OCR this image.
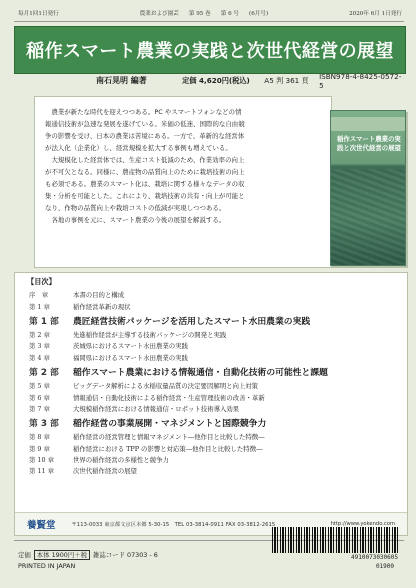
毎月1回1日発行	農業および園芸 第 95 巻 第 6 号 (6月号)	2020年 6月 1日発行
稲作スマート農業の実践と次世代経営の展望
南石晃明 編著	定価 4,620円(税込)	A5 判 361 頁	ISBN978-4-8425-0572-5

　農業が新たな時代を迎えつつある。PC やスマートフォンなどの情
報通信技術が急速な発展を遂げている。米価の低迷、国際的な自由競
争の影響を受け、日本の農業は苦境にある。一方で、革新的な経営体
が法人化（企業化）し、経営規模を拡大する事例も増えている。
　大規模化した経営体では、生産コスト低減のため、作業効率の向上
が不可欠となる。同様に、農産物の品質向上のために栽培技術の向上
も必須である。農業のスマート化は、栽培に関する様々なデータの収
集・分析を可能とした。これにより、栽培技術の共有・向上が可能と
なり、作物の品質向上や栽培コストの低減が実現しつつある。
　各地の事例を元に、スマート農業の今後の展望を解説する。

稲作スマート農業の実践と次世代経営の展望
【目次】
序　章	本書の目的と構成
第 1 章	稲作経営革新の現状
第 1 部	農匠経営技術パッケージを活用したスマート水田農業の実践
第 2 章	先進稲作経営が主導する技術パッケージの開発と実践
第 3 章	茨城県におけるスマート水田農業の実践
第 4 章	福岡県におけるスマート水田農業の実践
第 2 部	稲作スマート農業における情報通信・自動化技術の可能性と課題
第 5 章	ビッグデータ解析による水稲収量品質の決定要因解明と向上対策
第 6 章	情報通信・自動化技術による稲作経営・生産管理技術の改善・革新
第 7 章	大規模稲作経営における情報通信・ロボット技術導入効果
第 3 部	稲作経営の事業展開・マネジメントと国際競争力
第 8 章	稲作経営の経営管理と情報マネジメント―他作目と比較した特徴―
第 9 章	稲作経営における TPP の影響と対応策―他作目と比較した特徴―
第 10 章	世界の稲作経営の多様性と競争力
第 11 章	次世代稲作経営の展望
養賢堂	〒113-0033 東京都文京区本郷 5-30-15　TEL 03-3814-0911 FAX 03-3812-2615	http://www.yokendo.com
定価 本体 1900円＋税 雑誌コード 07303 - 6
PRINTED IN JAPAN
4910073030605
01900
